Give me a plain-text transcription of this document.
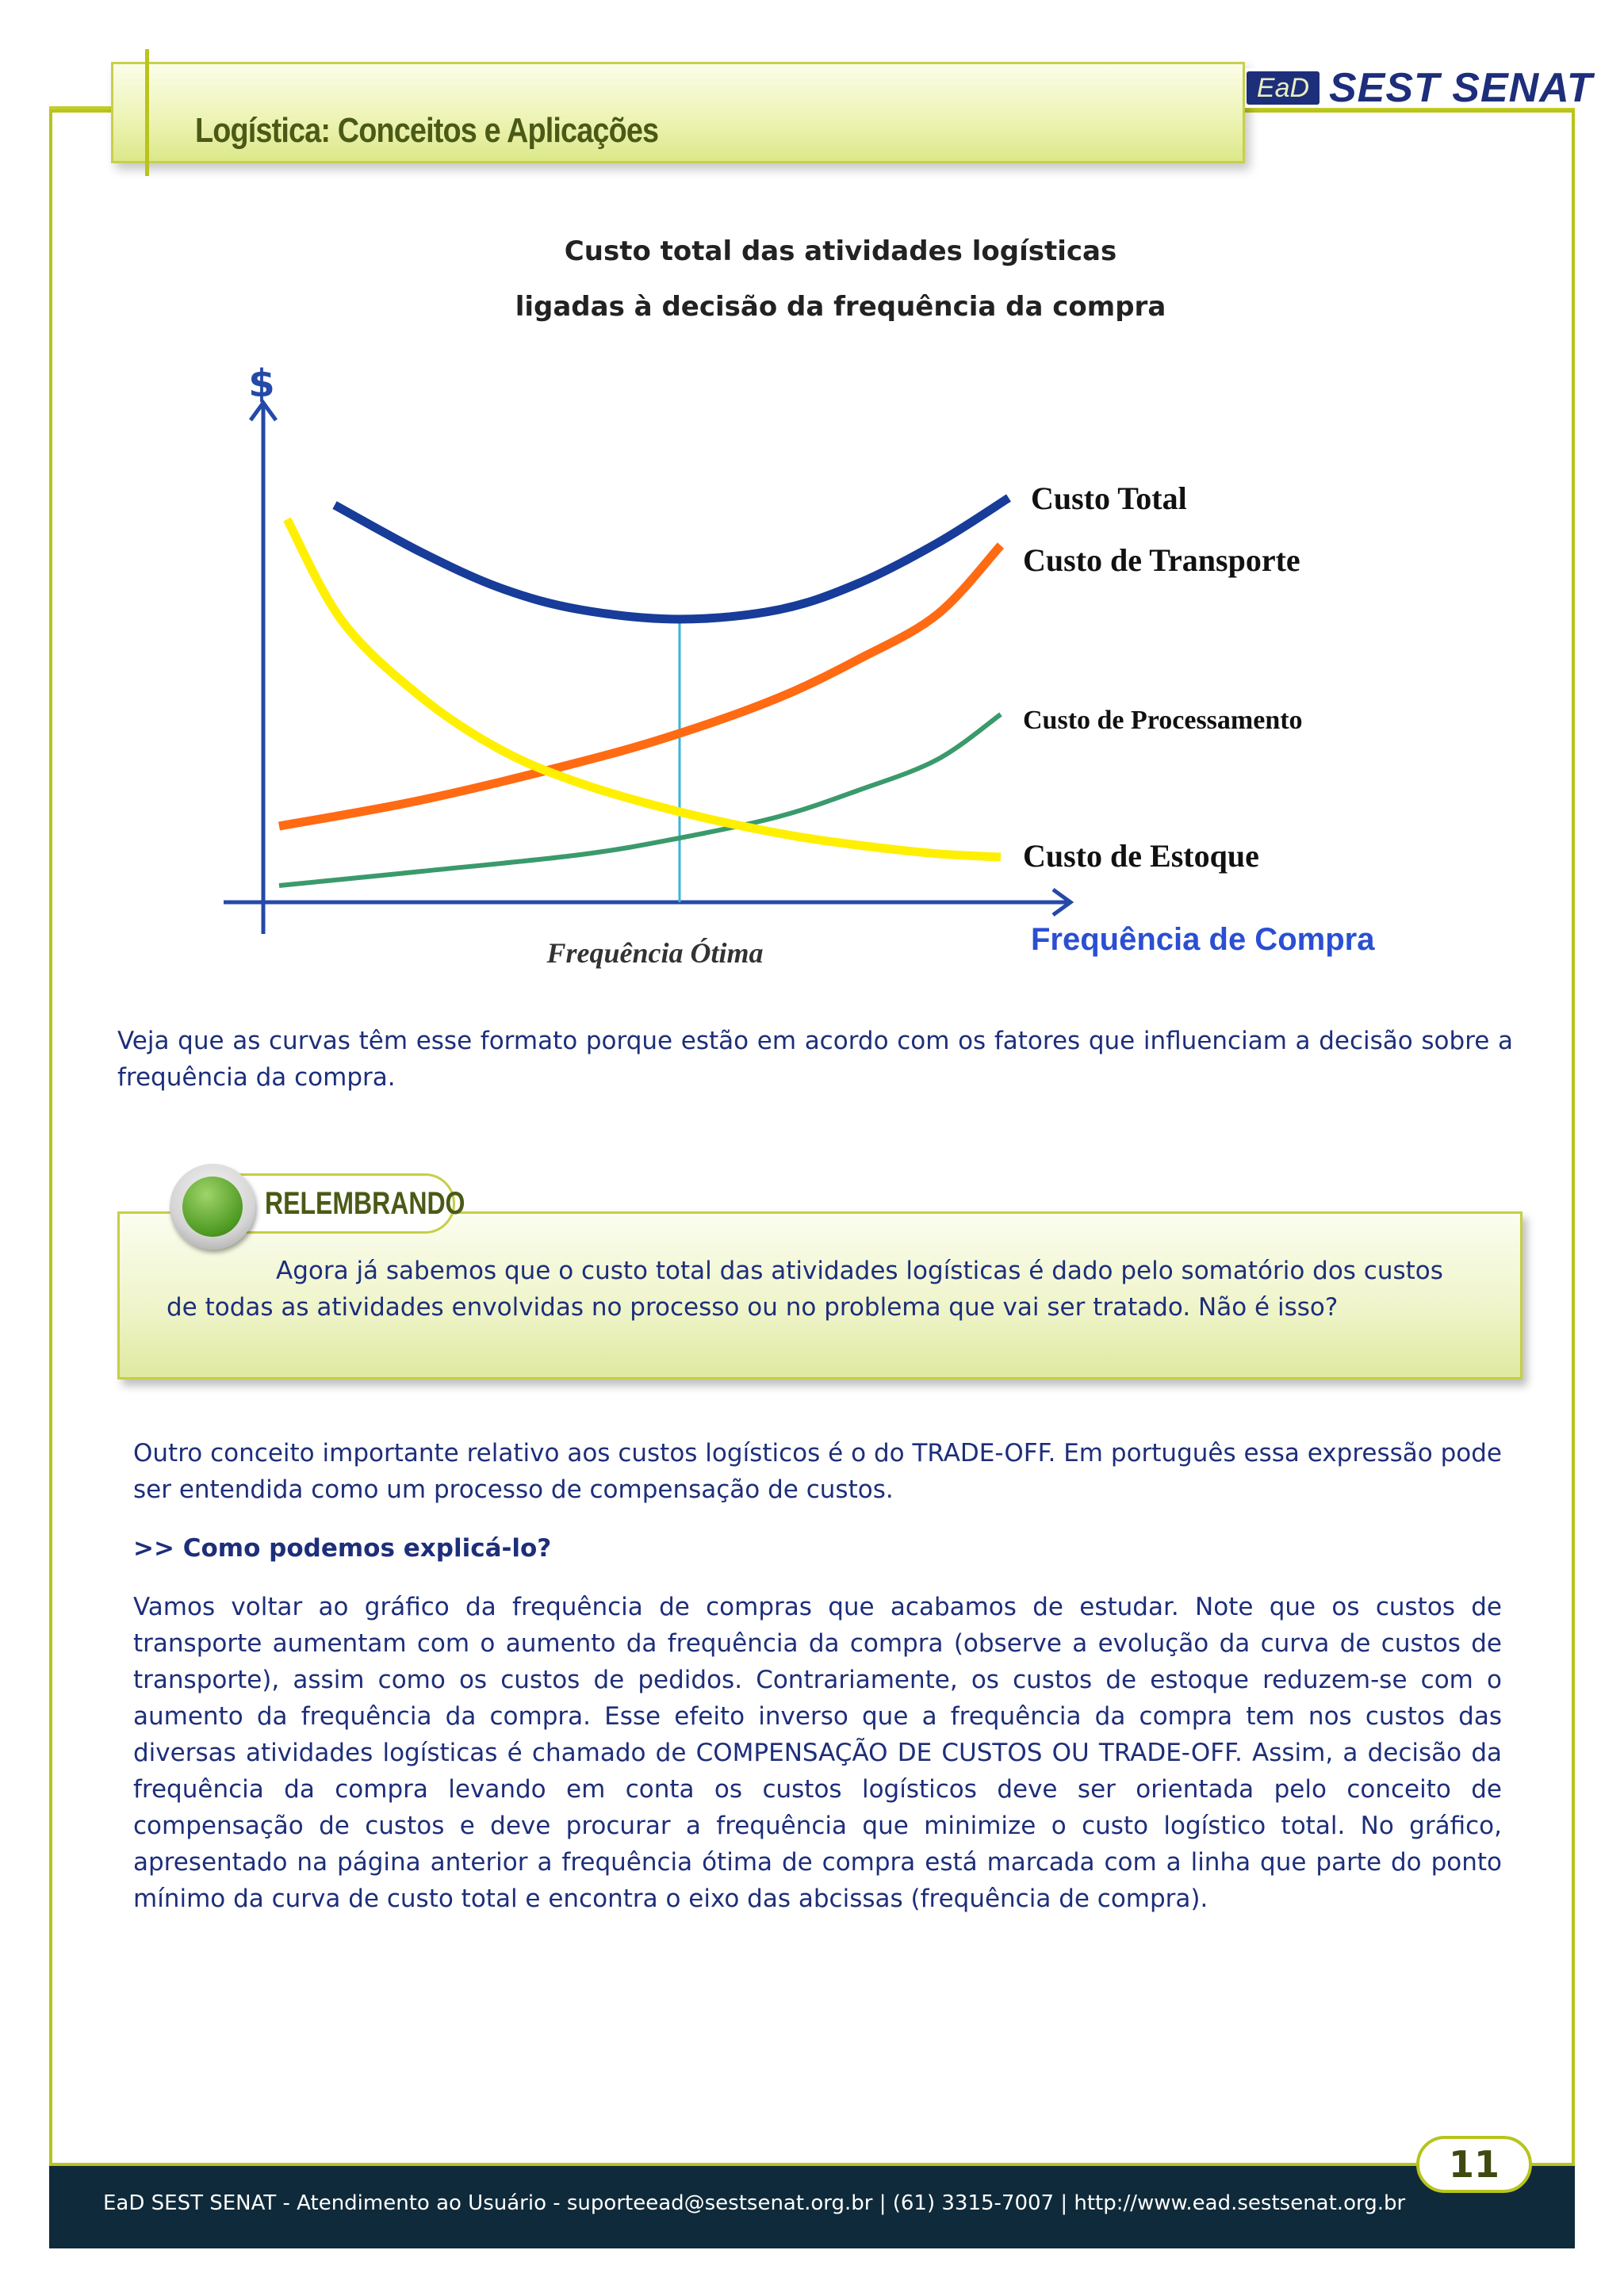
Logística: Conceitos e Aplicações
EaD SEST SENAT
Custo total das atividades logísticas
ligadas à decisão da frequência da compra
$
Frequência de Compra
Frequência Ótima
Custo Total
Custo de Transporte
Custo de Processamento
Custo de Estoque

Veja que as curvas têm esse formato porque estão em acordo com os fatores que influenciam a decisão sobre a frequência da compra.

RELEMBRANDO

Agora já sabemos que o custo total das atividades logísticas é dado pelo somatório dos custos de todas as atividades envolvidas no processo ou no problema que vai ser tratado. Não é isso?

Outro conceito importante relativo aos custos logísticos é o do TRADE-OFF. Em português essa expressão pode ser entendida como um processo de compensação de custos.

>> Como podemos explicá-lo?

Vamos voltar ao gráfico da frequência de compras que acabamos de estudar. Note que os custos de transporte aumentam com o aumento da frequência da compra (observe a evolução da curva de custos de transporte), assim como os custos de pedidos. Contrariamente, os custos de estoque reduzem-se com o aumento da frequência da compra. Esse efeito inverso que a frequência da compra tem nos custos das diversas atividades logísticas é chamado de COMPENSAÇÃO DE CUSTOS OU TRADE-OFF. Assim, a decisão da frequência da compra levando em conta os custos logísticos deve ser orientada pelo conceito de compensação de custos e deve procurar a frequência que minimize o custo logístico total. No gráfico, apresentado na página anterior a frequência ótima de compra está marcada com a linha que parte do ponto mínimo da curva de custo total e encontra o eixo das abcissas (frequência de compra).

EaD SEST SENAT - Atendimento ao Usuário - suporteead@sestsenat.org.br | (61) 3315-7007 | http://www.ead.sestsenat.org.br
11
